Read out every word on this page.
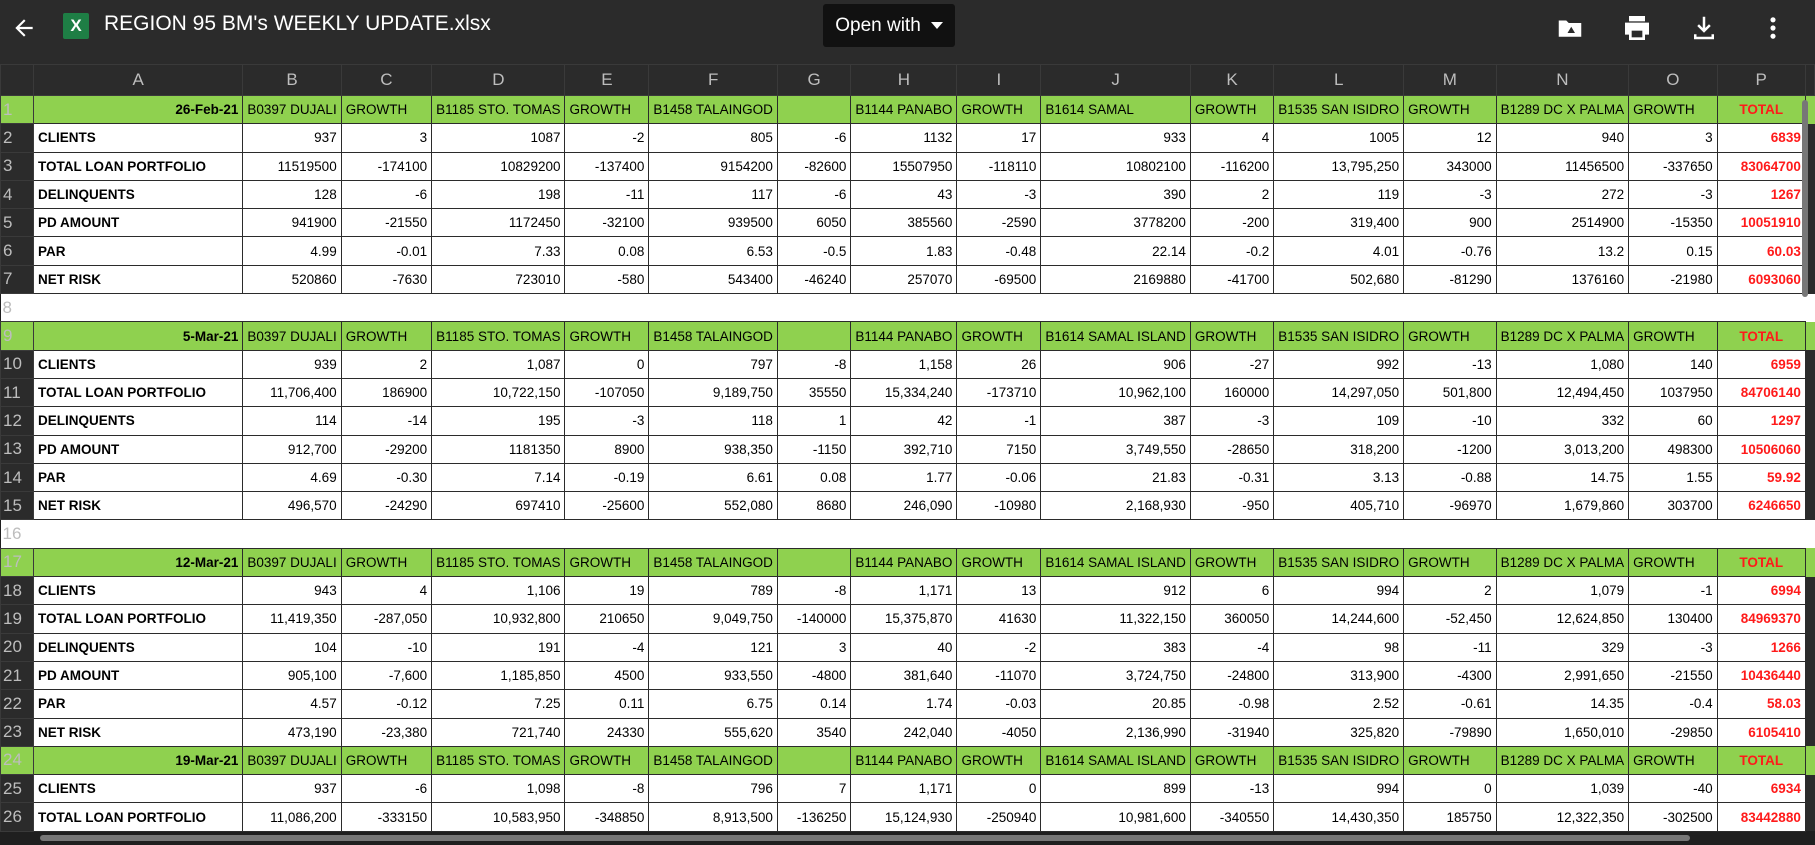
X	REGION 95 BM's WEEKLY UPDATE.xlsx	Open with
	A	B	C	D	E	F	G	H	I	J	K	L	M	N	O	P	
1	26-Feb-21	B0397 DUJALI	GROWTH	B1185 STO. TOMAS	GROWTH	B1458 TALAINGOD		B1144 PANABO	GROWTH	B1614 SAMAL	GROWTH	B1535 SAN ISIDRO	GROWTH	B1289 DC X PALMA	GROWTH	TOTAL	
2	CLIENTS	937	3	1087	-2	805	-6	1132	17	933	4	1005	12	940	3	6839	
3	TOTAL LOAN PORTFOLIO	11519500	-174100	10829200	-137400	9154200	-82600	15507950	-118110	10802100	-116200	13,795,250	343000	11456500	-337650	83064700	
4	DELINQUENTS	128	-6	198	-11	117	-6	43	-3	390	2	119	-3	272	-3	1267	
5	PD AMOUNT	941900	-21550	1172450	-32100	939500	6050	385560	-2590	3778200	-200	319,400	900	2514900	-15350	10051910	
6	PAR	4.99	-0.01	7.33	0.08	6.53	-0.5	1.83	-0.48	22.14	-0.2	4.01	-0.76	13.2	0.15	60.03	
7	NET RISK	520860	-7630	723010	-580	543400	-46240	257070	-69500	2169880	-41700	502,680	-81290	1376160	-21980	6093060	
8																	
9	5-Mar-21	B0397 DUJALI	GROWTH	B1185 STO. TOMAS	GROWTH	B1458 TALAINGOD		B1144 PANABO	GROWTH	B1614 SAMAL ISLAND	GROWTH	B1535 SAN ISIDRO	GROWTH	B1289 DC X PALMA	GROWTH	TOTAL	
10	CLIENTS	939	2	1,087	0	797	-8	1,158	26	906	-27	992	-13	1,080	140	6959	
11	TOTAL LOAN PORTFOLIO	11,706,400	186900	10,722,150	-107050	9,189,750	35550	15,334,240	-173710	10,962,100	160000	14,297,050	501,800	12,494,450	1037950	84706140	
12	DELINQUENTS	114	-14	195	-3	118	1	42	-1	387	-3	109	-10	332	60	1297	
13	PD AMOUNT	912,700	-29200	1181350	8900	938,350	-1150	392,710	7150	3,749,550	-28650	318,200	-1200	3,013,200	498300	10506060	
14	PAR	4.69	-0.30	7.14	-0.19	6.61	0.08	1.77	-0.06	21.83	-0.31	3.13	-0.88	14.75	1.55	59.92	
15	NET RISK	496,570	-24290	697410	-25600	552,080	8680	246,090	-10980	2,168,930	-950	405,710	-96970	1,679,860	303700	6246650	
16																	
17	12-Mar-21	B0397 DUJALI	GROWTH	B1185 STO. TOMAS	GROWTH	B1458 TALAINGOD		B1144 PANABO	GROWTH	B1614 SAMAL ISLAND	GROWTH	B1535 SAN ISIDRO	GROWTH	B1289 DC X PALMA	GROWTH	TOTAL	
18	CLIENTS	943	4	1,106	19	789	-8	1,171	13	912	6	994	2	1,079	-1	6994	
19	TOTAL LOAN PORTFOLIO	11,419,350	-287,050	10,932,800	210650	9,049,750	-140000	15,375,870	41630	11,322,150	360050	14,244,600	-52,450	12,624,850	130400	84969370	
20	DELINQUENTS	104	-10	191	-4	121	3	40	-2	383	-4	98	-11	329	-3	1266	
21	PD AMOUNT	905,100	-7,600	1,185,850	4500	933,550	-4800	381,640	-11070	3,724,750	-24800	313,900	-4300	2,991,650	-21550	10436440	
22	PAR	4.57	-0.12	7.25	0.11	6.75	0.14	1.74	-0.03	20.85	-0.98	2.52	-0.61	14.35	-0.4	58.03	
23	NET RISK	473,190	-23,380	721,740	24330	555,620	3540	242,040	-4050	2,136,990	-31940	325,820	-79890	1,650,010	-29850	6105410	
24	19-Mar-21	B0397 DUJALI	GROWTH	B1185 STO. TOMAS	GROWTH	B1458 TALAINGOD		B1144 PANABO	GROWTH	B1614 SAMAL ISLAND	GROWTH	B1535 SAN ISIDRO	GROWTH	B1289 DC X PALMA	GROWTH	TOTAL	
25	CLIENTS	937	-6	1,098	-8	796	7	1,171	0	899	-13	994	0	1,039	-40	6934	
26	TOTAL LOAN PORTFOLIO	11,086,200	-333150	10,583,950	-348850	8,913,500	-136250	15,124,930	-250940	10,981,600	-340550	14,430,350	185750	12,322,350	-302500	83442880	
